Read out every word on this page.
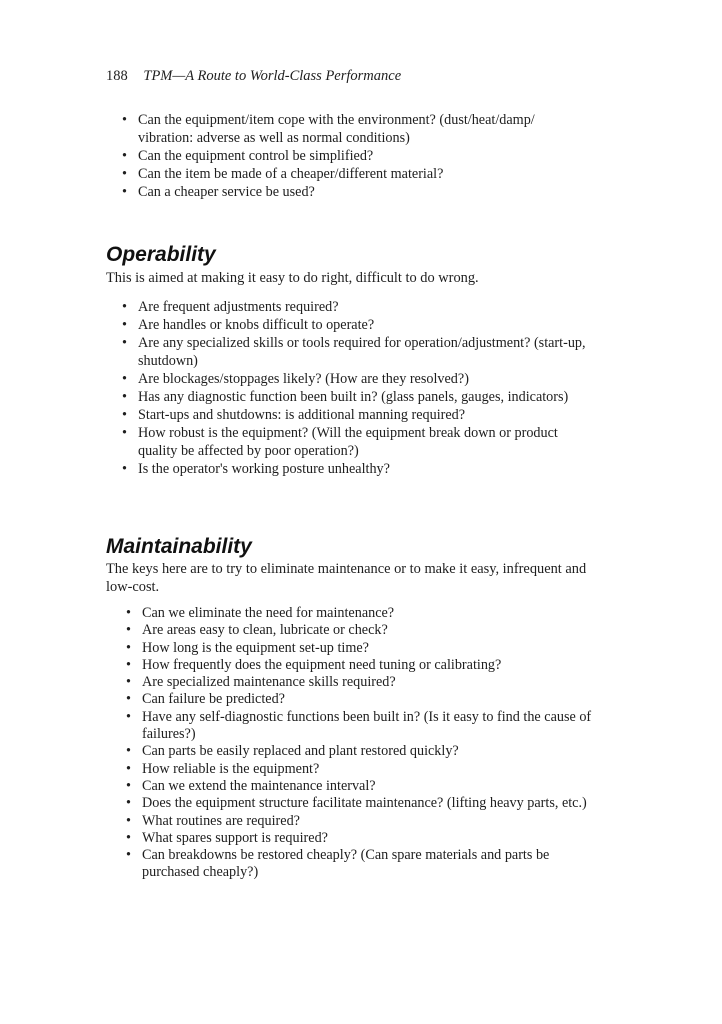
188 TPM—A Route to World-Class Performance
• Can the equipment/item cope with the environment? (dust/heat/damp/ vibration: adverse as well as normal conditions)
• Can the equipment control be simplified?
• Can the item be made of a cheaper/different material?
• Can a cheaper service be used?
Operability

This is aimed at making it easy to do right, difficult to do wrong.

• Are frequent adjustments required?
• Are handles or knobs difficult to operate?
• Are any specialized skills or tools required for operation/adjustment? (start-up, shutdown)
• Are blockages/stoppages likely? (How are they resolved?)
• Has any diagnostic function been built in? (glass panels, gauges, indicators)
• Start-ups and shutdowns: is additional manning required?
• How robust is the equipment? (Will the equipment break down or product quality be affected by poor operation?)
• Is the operator's working posture unhealthy?
Maintainability

The keys here are to try to eliminate maintenance or to make it easy, infrequent and low-cost.

• Can we eliminate the need for maintenance?
• Are areas easy to clean, lubricate or check?
• How long is the equipment set-up time?
• How frequently does the equipment need tuning or calibrating?
• Are specialized maintenance skills required?
• Can failure be predicted?
• Have any self-diagnostic functions been built in? (Is it easy to find the cause of failures?)
• Can parts be easily replaced and plant restored quickly?
• How reliable is the equipment?
• Can we extend the maintenance interval?
• Does the equipment structure facilitate maintenance? (lifting heavy parts, etc.)
• What routines are required?
• What spares support is required?
• Can breakdowns be restored cheaply? (Can spare materials and parts be purchased cheaply?)
